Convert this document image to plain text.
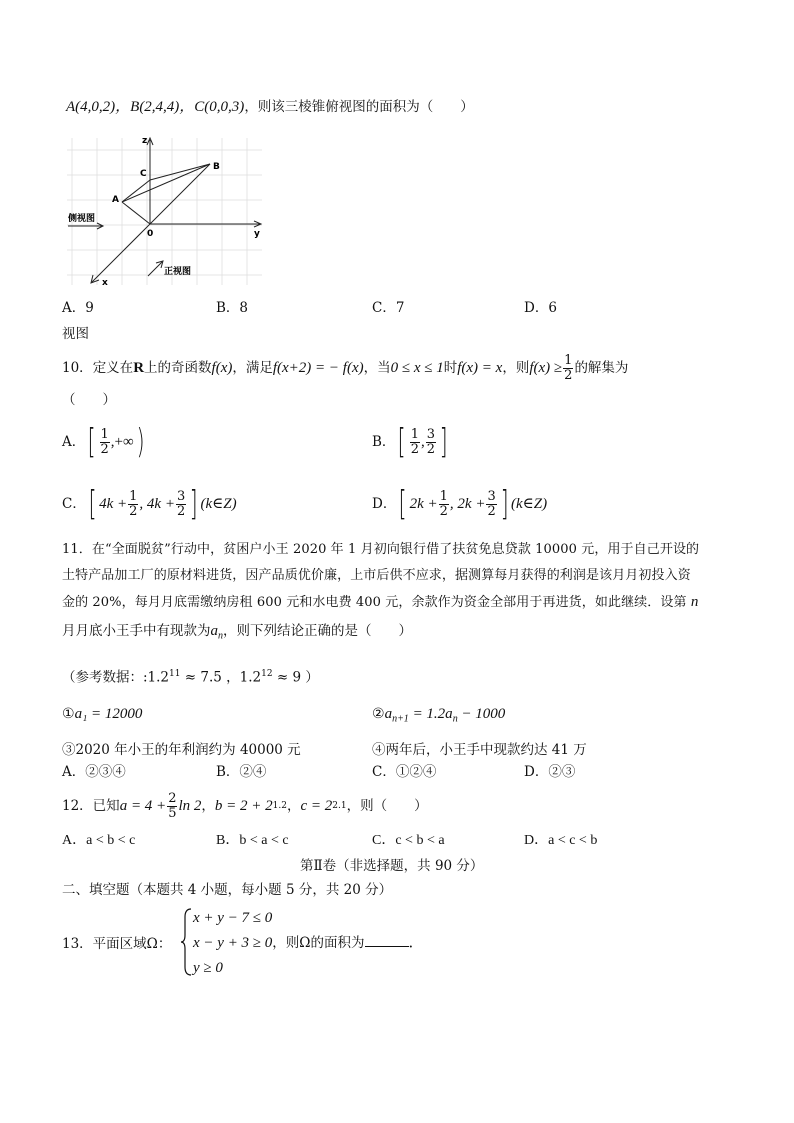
A(4,0,2)，B(2,4,4)，C(0,0,3)，则该三棱锥俯视图的面积为（　　）
z
B
C
A
侧视图
0	y
正视图
x
A．9	B．8	C．7	D．6
视图
10． 定义在 R 上的奇函数 f(x) ，满足 f(x+2) = − f(x) ，当 0 ≤ x ≤ 1 时 f(x) = x ，则 $f(x) \ge \frac{1}{2}$ 的解集为
（　　）
A． [ $\frac{1}{2}$ ,+∞ )	B． [ $\frac{1}{2}$ , $\frac{3}{2}$ ]
C． [ $4k + \frac{1}{2}$ , $4k + \frac{3}{2}$ ] (k∈Z)	D． [ $2k + \frac{1}{2}$ , $2k + \frac{3}{2}$ ] (k∈Z)
11．在“全面脱贫”行动中，贫困户小王 2020 年 1 月初向银行借了扶贫免息贷款 10000 元，用于自己开设的
土特产品加工厂的原材料进货，因产品质优价廉，上市后供不应求，据测算每月获得的利润是该月月初投入资
金的 20%，每月月底需缴纳房租 600 元和水电费 400 元，余款作为资金全部用于再进货，如此继续．设第 n
月月底小王手中有现款为$a_n$，则下列结论正确的是（　　）
（参考数据：$:1.2^{11} \approx 7.5$ ，$1.2^{12} \approx 9$ ）
①a₁ = 12000	$②a_{n+1} = 1.2a_n - 1000$
③2020 年小王的年利润约为 40000 元	④两年后，小王手中现款约达 41 万
A．②③④	B．②④	C．①②④	D．②③
12．已知 $a = 4 + \frac{2}{5}$ ln 2 ， b = 2 + 2 1.2 ， c = 2 2.1 ，则（　　）
A．a < b < c	B．b < a < c	C．c < b < a	D．a < c < b
第Ⅱ卷（非选择题，共 90 分）
二、填空题（本题共 4 小题，每小题 5 分，共 20 分）
13．平面区域Ω：
x + y − 7 ≤ 0
x − y + 3 ≥ 0，则Ω的面积为	．
y ≥ 0
